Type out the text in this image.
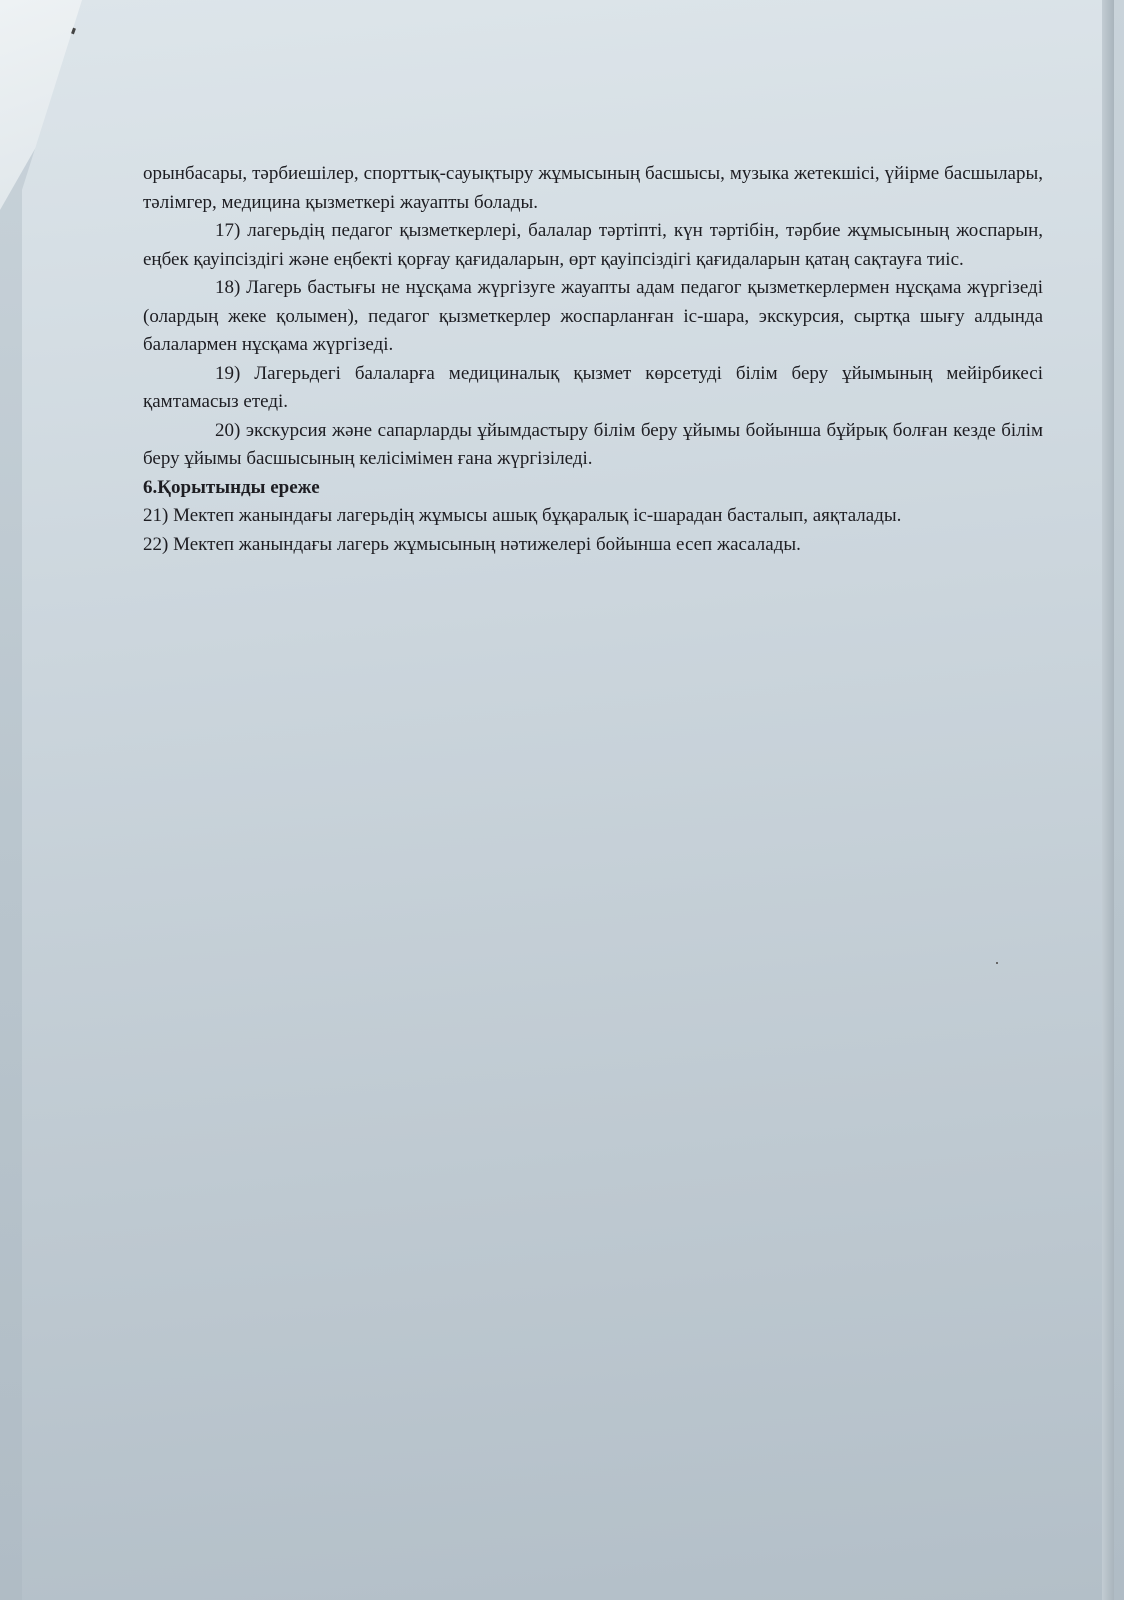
орынбасары, тәрбиешілер, спорттық-сауықтыру жұмысының басшысы, музыка жетекшісі, үйірме басшылары, тәлімгер, медицина қызметкері жауапты болады.

17) лагерьдің педагог қызметкерлері, балалар тәртіпті, күн тәртібін, тәрбие жұмысының жоспарын, еңбек қауіпсіздігі және еңбекті қорғау қағидаларын, өрт қауіпсіздігі қағидаларын қатаң сақтауға тиіс.

18) Лагерь бастығы не нұсқама жүргізуге жауапты адам педагог қызметкерлермен нұсқама жүргізеді (олардың жеке қолымен), педагог қызметкерлер жоспарланған іс-шара, экскурсия, сыртқа шығу алдында балалармен нұсқама жүргізеді.

19) Лагерьдегі балаларға медициналық қызмет көрсетуді білім беру ұйымының мейірбикесі қамтамасыз етеді.

20) экскурсия және сапарларды ұйымдастыру білім беру ұйымы бойынша бұйрық болған кезде білім беру ұйымы басшысының келісімімен ғана жүргізіледі.

6.Қорытынды ереже

21) Мектеп жанындағы лагерьдің жұмысы ашық бұқаралық іс-шарадан басталып, аяқталады.

22) Мектеп жанындағы лагерь жұмысының нәтижелері бойынша есеп жасалады.
